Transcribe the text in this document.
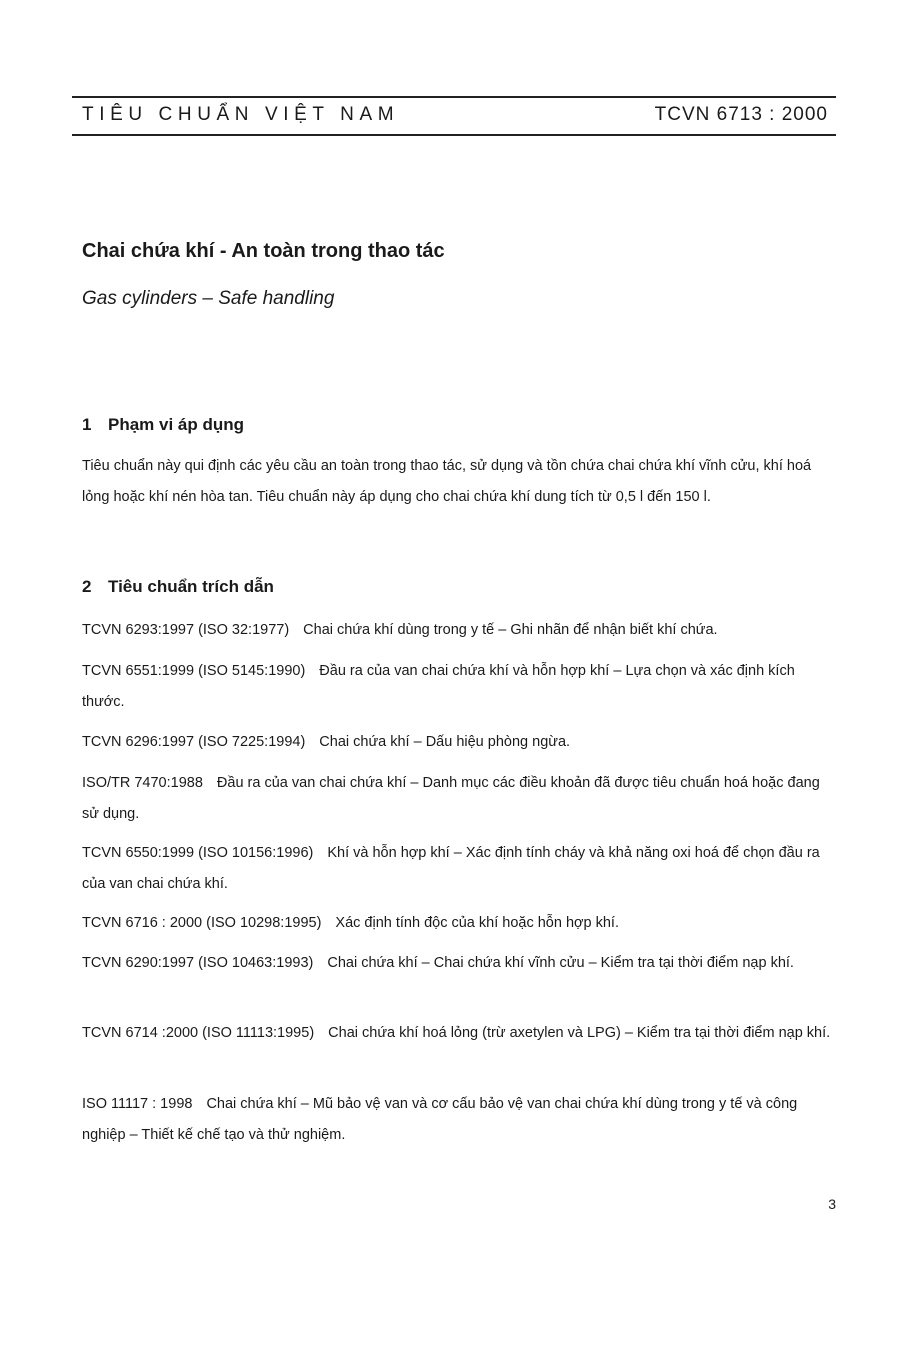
TIÊU CHUẨN VIỆT NAM	TCVN 6713 : 2000
Chai chứa khí - An toàn trong thao tác
Gas cylinders – Safe handling
1 Phạm vi áp dụng
Tiêu chuẩn này qui định các yêu cầu an toàn trong thao tác, sử dụng và tồn chứa chai chứa khí vĩnh cửu, khí hoá lỏng hoặc khí nén hòa tan. Tiêu chuẩn này áp dụng cho chai chứa khí dung tích từ 0,5 l đến 150 l.
2 Tiêu chuẩn trích dẫn
TCVN 6293:1997 (ISO 32:1977) Chai chứa khí dùng trong y tế – Ghi nhãn để nhận biết khí chứa.
TCVN 6551:1999 (ISO 5145:1990) Đầu ra của van chai chứa khí và hỗn hợp khí – Lựa chọn và xác định kích thước.
TCVN 6296:1997 (ISO 7225:1994) Chai chứa khí – Dấu hiệu phòng ngừa.
ISO/TR 7470:1988 Đầu ra của van chai chứa khí – Danh mục các điều khoản đã được tiêu chuẩn hoá hoặc đang sử dụng.
TCVN 6550:1999 (ISO 10156:1996) Khí và hỗn hợp khí – Xác định tính cháy và khả năng oxi hoá để chọn đầu ra của van chai chứa khí.
TCVN 6716 : 2000 (ISO 10298:1995) Xác định tính độc của khí hoặc hỗn hợp khí.
TCVN 6290:1997 (ISO 10463:1993) Chai chứa khí – Chai chứa khí vĩnh cửu – Kiểm tra tại thời điểm nạp khí.
TCVN 6714 :2000 (ISO 11113:1995) Chai chứa khí hoá lỏng (trừ axetylen và LPG) – Kiểm tra tại thời điểm nạp khí.
ISO 11117 : 1998 Chai chứa khí – Mũ bảo vệ van và cơ cấu bảo vệ van chai chứa khí dùng trong y tế và công nghiệp – Thiết kế chế tạo và thử nghiệm.
3
